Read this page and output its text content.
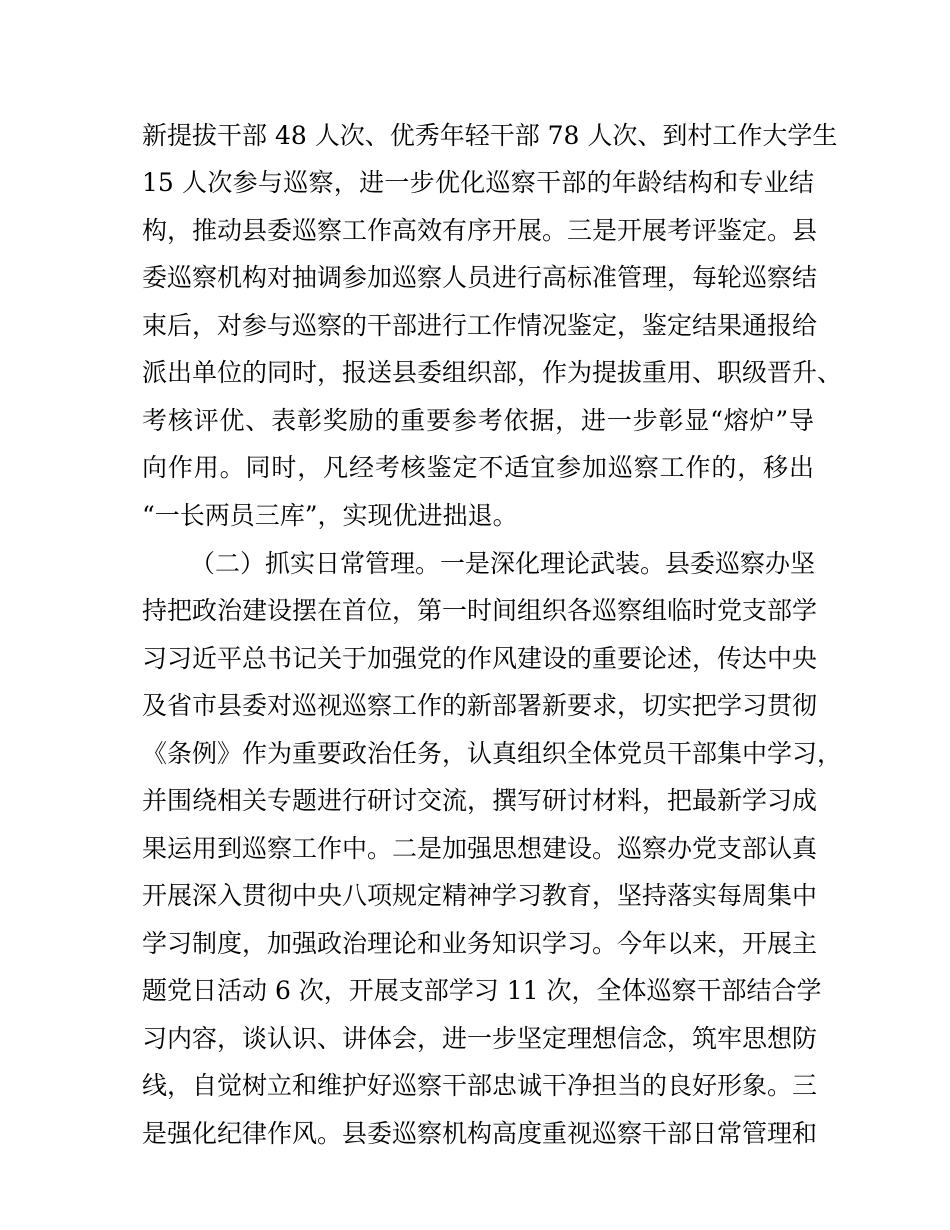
新提拔干部 48 人次、优秀年轻干部 78 人次、到村工作大学生

15 人次参与巡察，进一步优化巡察干部的年龄结构和专业结

构，推动县委巡察工作高效有序开展。三是开展考评鉴定。县

委巡察机构对抽调参加巡察人员进行高标准管理，每轮巡察结

束后，对参与巡察的干部进行工作情况鉴定，鉴定结果通报给

派出单位的同时，报送县委组织部，作为提拔重用、职级晋升、

考核评优、表彰奖励的重要参考依据，进一步彰显“熔炉”导

向作用。同时，凡经考核鉴定不适宜参加巡察工作的，移出

“一长两员三库”，实现优进拙退。

（二）抓实日常管理。一是深化理论武装。县委巡察办坚

持把政治建设摆在首位，第一时间组织各巡察组临时党支部学

习习近平总书记关于加强党的作风建设的重要论述，传达中央

及省市县委对巡视巡察工作的新部署新要求，切实把学习贯彻

《条例》作为重要政治任务，认真组织全体党员干部集中学习，

并围绕相关专题进行研讨交流，撰写研讨材料，把最新学习成

果运用到巡察工作中。二是加强思想建设。巡察办党支部认真

开展深入贯彻中央八项规定精神学习教育，坚持落实每周集中

学习制度，加强政治理论和业务知识学习。今年以来，开展主

题党日活动 6 次，开展支部学习 11 次，全体巡察干部结合学

习内容，谈认识、讲体会，进一步坚定理想信念，筑牢思想防

线，自觉树立和维护好巡察干部忠诚干净担当的良好形象。三

是强化纪律作风。县委巡察机构高度重视巡察干部日常管理和
